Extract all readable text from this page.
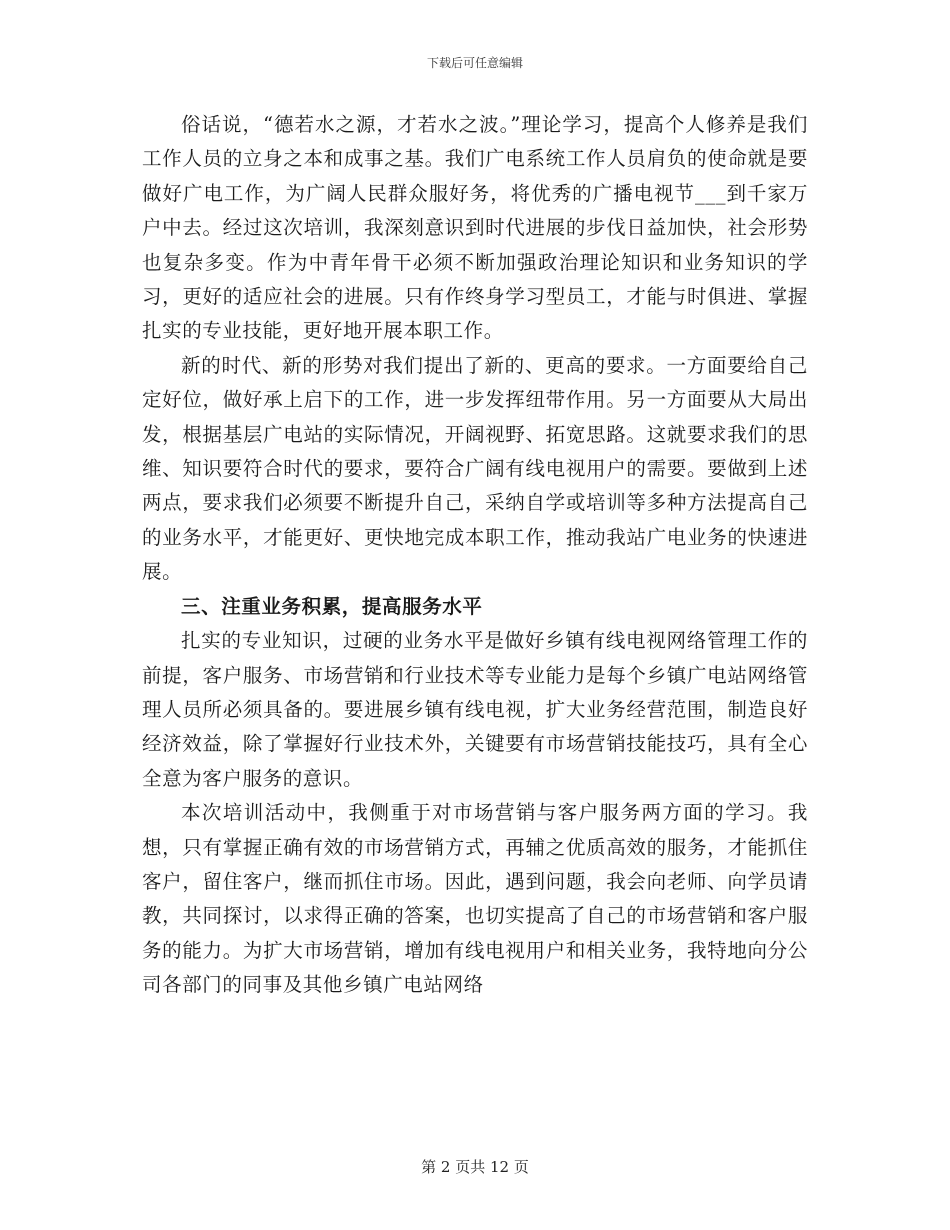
下载后可任意编辑

俗话说，“德若水之源，才若水之波。”理论学习，提高个人修养是我们工作人员的立身之本和成事之基。我们广电系统工作人员肩负的使命就是要做好广电工作，为广阔人民群众服好务，将优秀的广播电视节___到千家万户中去。经过这次培训，我深刻意识到时代进展的步伐日益加快，社会形势也复杂多变。作为中青年骨干必须不断加强政治理论知识和业务知识的学习，更好的适应社会的进展。只有作终身学习型员工，才能与时俱进、掌握扎实的专业技能，更好地开展本职工作。

新的时代、新的形势对我们提出了新的、更高的要求。一方面要给自己定好位，做好承上启下的工作，进一步发挥纽带作用。另一方面要从大局出发，根据基层广电站的实际情况，开阔视野、拓宽思路。这就要求我们的思维、知识要符合时代的要求，要符合广阔有线电视用户的需要。要做到上述两点，要求我们必须要不断提升自己，采纳自学或培训等多种方法提高自己的业务水平，才能更好、更快地完成本职工作，推动我站广电业务的快速进展。

三、注重业务积累，提高服务水平

扎实的专业知识，过硬的业务水平是做好乡镇有线电视网络管理工作的前提，客户服务、市场营销和行业技术等专业能力是每个乡镇广电站网络管理人员所必须具备的。要进展乡镇有线电视，扩大业务经营范围，制造良好经济效益，除了掌握好行业技术外，关键要有市场营销技能技巧，具有全心全意为客户服务的意识。

本次培训活动中，我侧重于对市场营销与客户服务两方面的学习。我想，只有掌握正确有效的市场营销方式，再辅之优质高效的服务，才能抓住客户，留住客户，继而抓住市场。因此，遇到问题，我会向老师、向学员请教，共同探讨，以求得正确的答案，也切实提高了自己的市场营销和客户服务的能力。为扩大市场营销，增加有线电视用户和相关业务，我特地向分公司各部门的同事及其他乡镇广电站网络

第 2 页共 12 页
